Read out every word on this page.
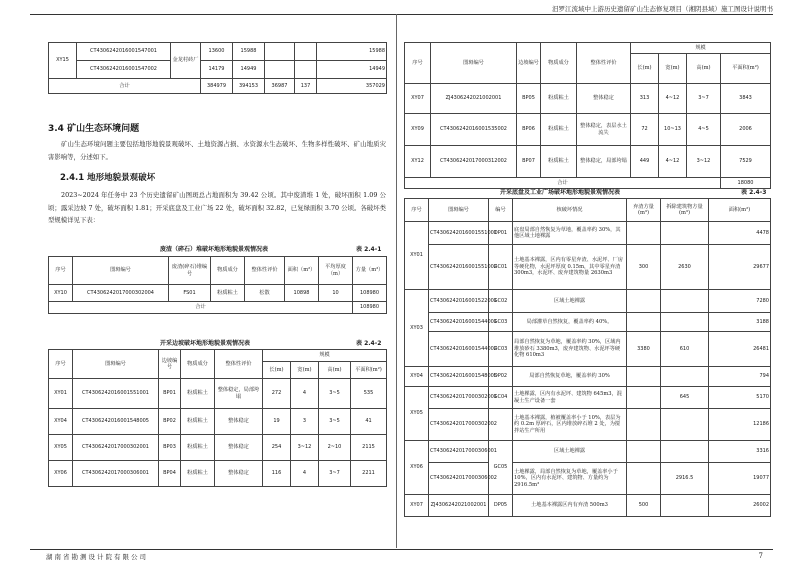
汨罗江流域中上游历史遗留矿山生态修复项目（湘阴县域）施工图设计说明书
湖南省勘测设计院有限公司	7
XY15	CT4306242016001547001	金龙村砖厂	13600	15988			15988
	CT4306242016001547002		14179	14949			14949
合计			384979	394153	36987	137	357029
3.4 矿山生态环境问题
矿山生态环境问题主要包括地形地貌景观破坏、土地资源占损、水资源水生态破坏、生物多样性破坏、矿山地质灾害影响等，分述如下。
2.4.1 地形地貌景观破坏
2023~2024 年任务中 23 个历史遗留矿山图斑总占地面积为 39.42 公顷。其中废渣堆 1 处，破坏面积 1.09 公顷；露采边坡 7 处，破坏面积 1.81；开采底盘及工业广场 22 处，破坏面积 32.82，已复绿面积 3.70 公顷。各破坏类型规模详见下表：
废渣（碎石）堆破坏地形地貌景观情况表	表 2.4-1
序号	图斑编号	废渣(碎石)堆编号	物质成分	整体性评价	面积（m²）	平均厚度（m）	方量（m³）
XY10	CT4306242017000302004	FS01	粉质粘土	松散	10898	10	108980
合计							108980
开采边坡破坏地形地貌景观情况表	表 2.4-2
序号	图斑编号	边坡编号	物质成分	整体性评价	规模			
					长(m)	宽(m)	高(m)	平面积(m²)
XY01	CT4306242016001551001	BP01	粉质粘土	整体稳定，局部垮塌	272	4	3~5	535
XY04	CT4306242016001548005	BP02	粉质粘土	整体稳定	19	3	3~5	41
XY05	CT4306242017000302001	BP03	粉质粘土	整体稳定	254	3~12	2~10	2115
XY06	CT4306242017000306001	BP04	粉质粘土	整体稳定	116	4	3~7	2211
序号	图斑编号	边坡编号	物质成分	整体性评价	规模			
					长(m)	宽(m)	高(m)	平面积(m²)
XY07	ZJ4306242021002001	BP05	粉质粘土	整体稳定	313	4~12	3~7	3843
XY09	CT4306242016001535002	BP06	粉质粘土	整体稳定，表层水土流失	72	10~13	4~5	2006
XY12	CT4306242017000312002	BP07	粉质粘土	整体稳定，局部垮塌	449	4~12	3~12	7529
合计								18080
开采底盘及工业广场破坏地形地貌景观情况表	表 2.4-3
序号	图斑编号	编号	核破坏情况	弃渣方量(m³)	拆除建筑物方量(m³)	面积(m²)
XY01	CT4306242016001551001	DP01	底盘局部自然恢复为草地，覆盖率约 30%，其他区域土地裸露			4478
	CT4306242016001551002	GC01	土地基本裸露，区内有零星弃渣、水泥坪、厂房等硬化物，水泥坪厚度 0.15m，其中零星弃渣 300m3，水泥坪、废弃建筑物量 2630m3	300	2630	29677
XY03	CT4306242016001522001	GC02	区域土地裸露			7280
	CT4306242016001544001	GC03	局部灌草自然恢复，覆盖率约 40%。			3188
	CT4306242016001544002	GC03	局部自然恢复为草地，覆盖率约 30%，区域内堆放砂石 3380m3，废弃建筑物、水泥坪等硬化物 610m3	3380	610	26481
XY04	CT4306242016001548005	DP02	局部自然恢复草地，覆盖率约 30%			794
XY05	CT4306242017000302001	GC04	土地裸露，区内有水泥坪、建筑物 645m3，混凝土生产设备一套		645	5170
	CT4306242017000302002		土地基本裸露，植被覆盖率小于 10%，表层为约 0.2m 厚碎石，区内堆放碎石堆 2 处，为搅拌站生产所用			12186
XY06	CT4306242017000306001	GC05	区域土地裸露			3316
	CT4306242017000306002		土地裸露，局部自然恢复为草地，覆盖率小于 10%，区内有水泥坪、建筑物、方量约为 2916.5m³		2916.5	19077
XY07	ZJ4306242021002001	DP05	土地基本裸露区内有弃渣 500m3	500		26002
